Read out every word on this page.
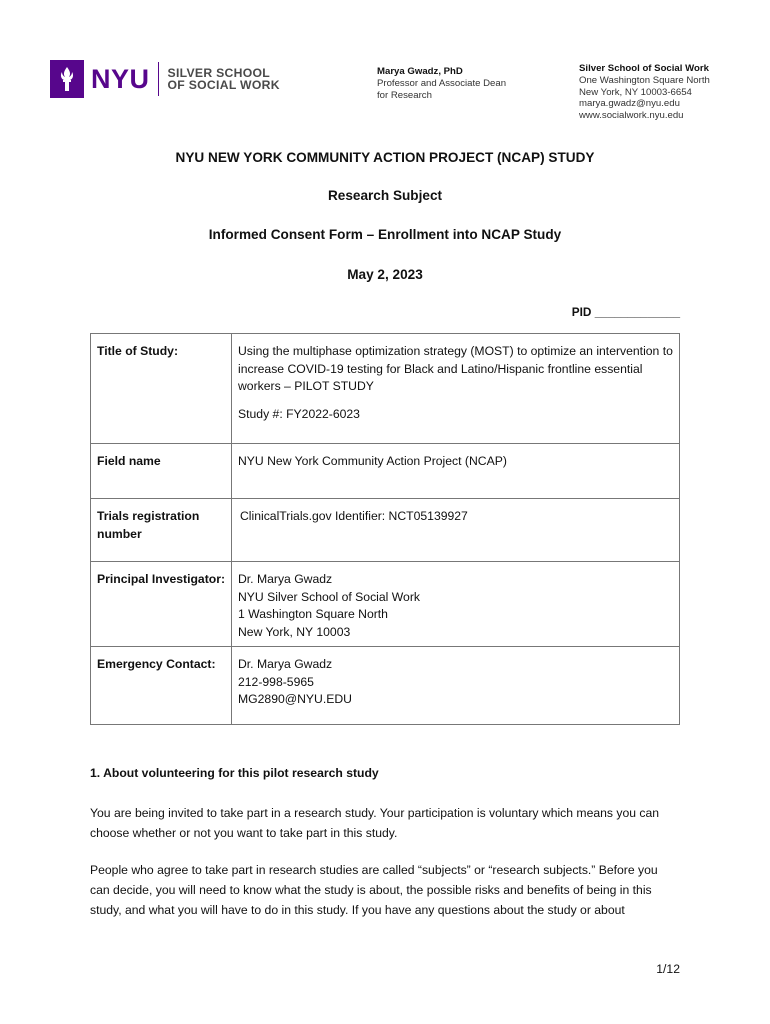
NYU SILVER SCHOOL
OF SOCIAL WORK
Marya Gwadz, PhD
Professor and Associate Dean
for Research
Silver School of Social Work
One Washington Square North
New York, NY 10003-6654
marya.gwadz@nyu.edu
www.socialwork.nyu.edu
NYU NEW YORK COMMUNITY ACTION PROJECT (NCAP) STUDY
Research Subject
Informed Consent Form – Enrollment into NCAP Study
May 2, 2023
PID _____________
Title of Study:	Using the multiphase optimization strategy (MOST) to optimize an intervention to increase COVID-19 testing for Black and Latino/Hispanic frontline essential workers – PILOT STUDY

Study #: FY2022-6023

Field name	NYU New York Community Action Project (NCAP)
Trials registration number	ClinicalTrials.gov Identifier: NCT05139927
Principal Investigator:	Dr. Marya Gwadz
NYU Silver School of Social Work
1 Washington Square North
New York, NY 10003

Emergency Contact:	Dr. Marya Gwadz
212-998-5965
MG2890@NYU.EDU
1. About volunteering for this pilot research study

You are being invited to take part in a research study. Your participation is voluntary which means you can choose whether or not you want to take part in this study.

People who agree to take part in research studies are called “subjects” or “research subjects.” Before you can decide, you will need to know what the study is about, the possible risks and benefits of being in this study, and what you will have to do in this study. If you have any questions about the study or about

1/12
